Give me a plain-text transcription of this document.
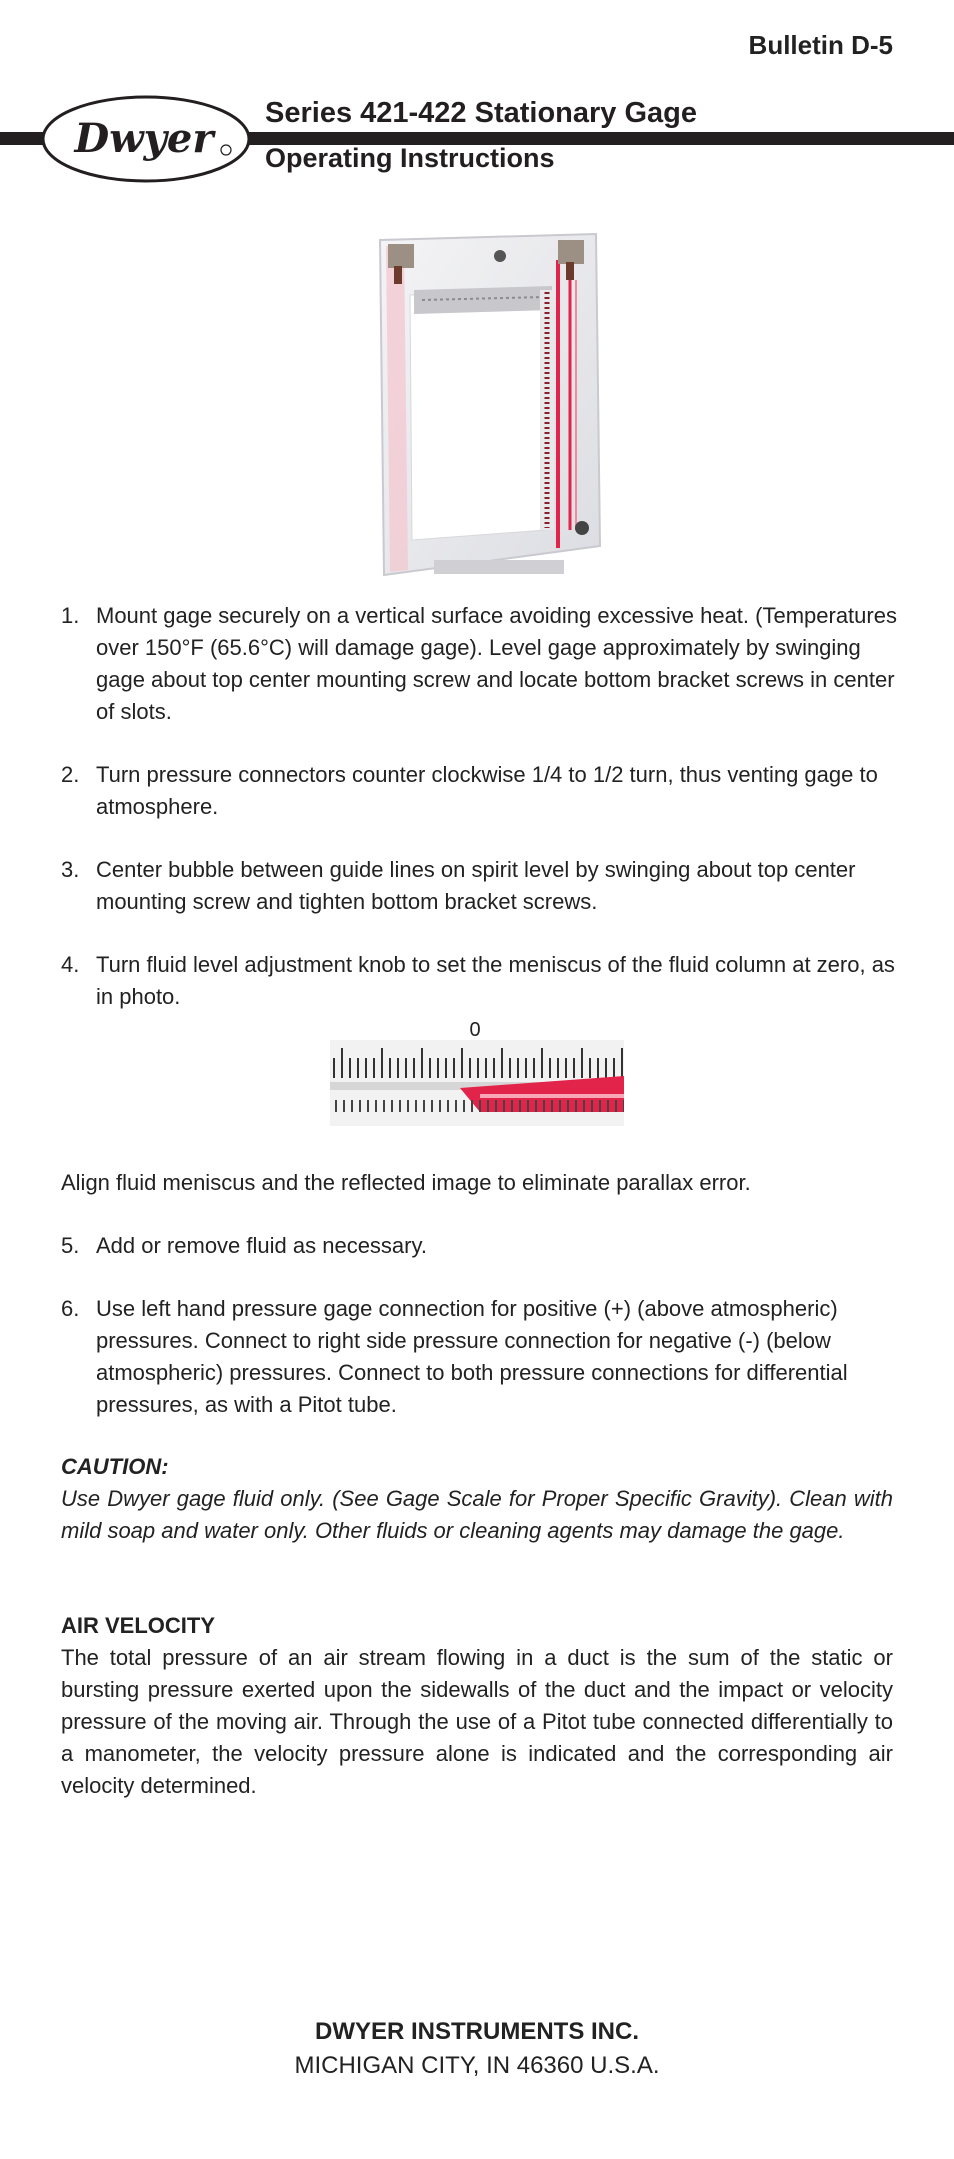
Bulletin D-5
Dwyer
Series 421-422 Stationary Gage
Operating Instructions
1. Mount gage securely on a vertical surface avoiding excessive heat. (Temperatures over 150°F (65.6°C) will damage gage). Level gage approximately by swinging gage about top center mounting screw and locate bottom bracket screws in center of slots.
2. Turn pressure connectors counter clockwise 1/4 to 1/2 turn, thus venting gage to atmosphere.
3. Center bubble between guide lines on spirit level by swinging about top center mounting screw and tighten bottom bracket screws.
4. Turn fluid level adjustment knob to set the meniscus of the fluid column at zero, as in photo.
0

Align fluid meniscus and the reflected image to eliminate parallax error.

5. Add or remove fluid as necessary.
6. Use left hand pressure gage connection for positive (+) (above atmospheric) pressures. Connect to right side pressure connection for negative (-) (below atmospheric) pressures. Connect to both pressure connections for differential pressures, as with a Pitot tube.

CAUTION:

Use Dwyer gage fluid only. (See Gage Scale for Proper Specific Gravity). Clean with mild soap and water only. Other fluids or cleaning agents may damage the gage.

AIR VELOCITY

The total pressure of an air stream flowing in a duct is the sum of the static or bursting pressure exerted upon the sidewalls of the duct and the impact or velocity pressure of the moving air. Through the use of a Pitot tube connected differentially to a manometer, the velocity pressure alone is indicated and the corresponding air velocity determined.

DWYER INSTRUMENTS INC.
MICHIGAN CITY, IN 46360 U.S.A.
